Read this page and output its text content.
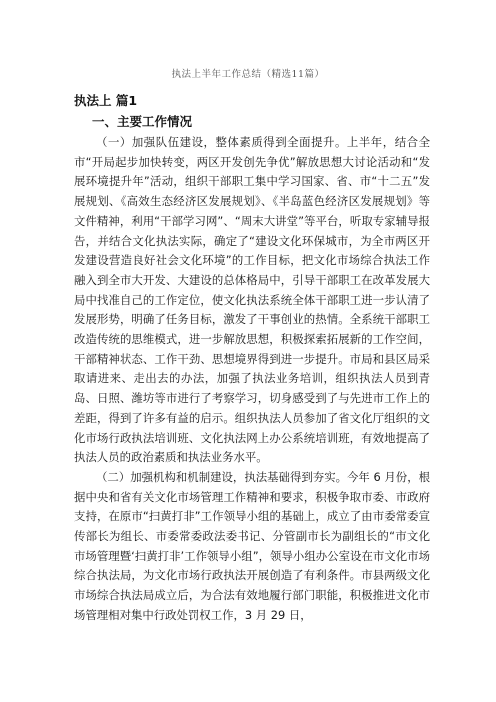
执法上半年工作总结（精选11篇）
执法上 篇1
一、主要工作情况

（一）加强队伍建设，整体素质得到全面提升。上半年，结合全市“开局起步加快转变，两区开发创先争优”解放思想大讨论活动和“发展环境提升年”活动，组织干部职工集中学习国家、省、市“十二五”发展规划、《高效生态经济区发展规划》、《半岛蓝色经济区发展规划》等文件精神，利用“干部学习网”、“周末大讲堂”等平台，听取专家辅导报告，并结合文化执法实际，确定了“建设文化环保城市，为全市两区开发建设营造良好社会文化环境”的工作目标，把文化市场综合执法工作融入到全市大开发、大建设的总体格局中，引导干部职工在改革发展大局中找准自己的工作定位，使文化执法系统全体干部职工进一步认清了发展形势，明确了任务目标，激发了干事创业的热情。全系统干部职工改造传统的思维模式，进一步解放思想，积极探索拓展新的工作空间，干部精神状态、工作干劲、思想境界得到进一步提升。市局和县区局采取请进来、走出去的办法，加强了执法业务培训，组织执法人员到青岛、日照、潍坊等市进行了考察学习，切身感受到了与先进市工作上的差距，得到了许多有益的启示。组织执法人员参加了省文化厅组织的文化市场行政执法培训班、文化执法网上办公系统培训班，有效地提高了执法人员的政治素质和执法业务水平。

（二）加强机构和机制建设，执法基础得到夯实。今年 6 月份，根据中央和省有关文化市场管理工作精神和要求，积极争取市委、市政府支持，在原市“扫黄打非”工作领导小组的基础上，成立了由市委常委宣传部长为组长、市委常委政法委书记、分管副市长为副组长的“市文化市场管理暨‘扫黄打非’工作领导小组”，领导小组办公室设在市文化市场综合执法局，为文化市场行政执法开展创造了有利条件。市县两级文化市场综合执法局成立后，为合法有效地履行部门职能，积极推进文化市场管理相对集中行政处罚权工作，3 月 29 日，
